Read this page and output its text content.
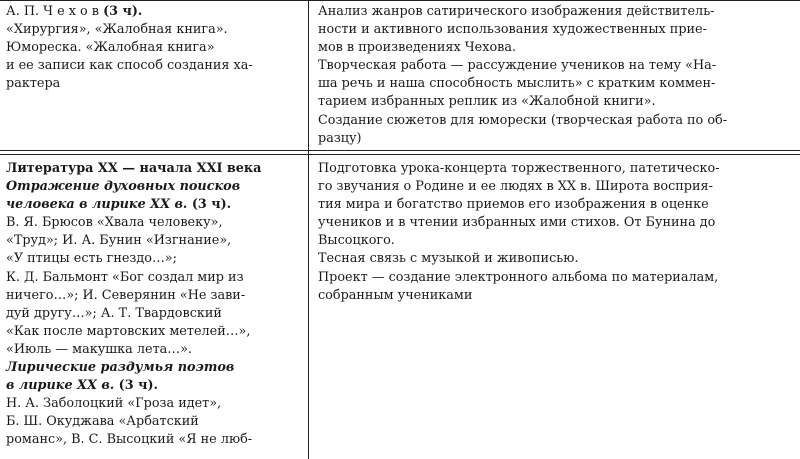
А. П. Ч е х о в (3 ч).
«Хирургия», «Жалобная книга».
Юмореска. «Жалобная книга»
и ее записи как способ создания ха-
рактера
Анализ жанров сатирического изображения действитель-
ности и активного использования художественных прие-
мов в произведениях Чехова.
Творческая работа — рассуждение учеников на тему «На-
ша речь и наша способность мыслить» с кратким коммен-
тарием избранных реплик из «Жалобной книги».
Создание сюжетов для юморески (творческая работа по об-
разцу)
Литература XX — начала XXI века
Отражение духовных поисков
человека в лирике XX в. (3 ч).
В. Я. Брюсов «Хвала человеку»,
«Труд»; И. А. Бунин «Изгнание»,
«У птицы есть гнездо…»;
К. Д. Бальмонт «Бог создал мир из
ничего…»; И. Северянин «Не зави-
дуй другу…»; А. Т. Твардовский
«Как после мартовских метелей…»,
«Июль — макушка лета…».
Лирические раздумья поэтов
в лирике XX в. (3 ч).
Н. А. Заболоцкий «Гроза идет»,
Б. Ш. Окуджава «Арбатский
романс», В. С. Высоцкий «Я не люб-
Подготовка урока-концерта торжественного, патетическо-
го звучания о Родине и ее людях в XX в. Широта восприя-
тия мира и богатство приемов его изображения в оценке
учеников и в чтении избранных ими стихов. От Бунина до
Высоцкого.
Тесная связь с музыкой и живописью.
Проект — создание электронного альбома по материалам,
собранным учениками
